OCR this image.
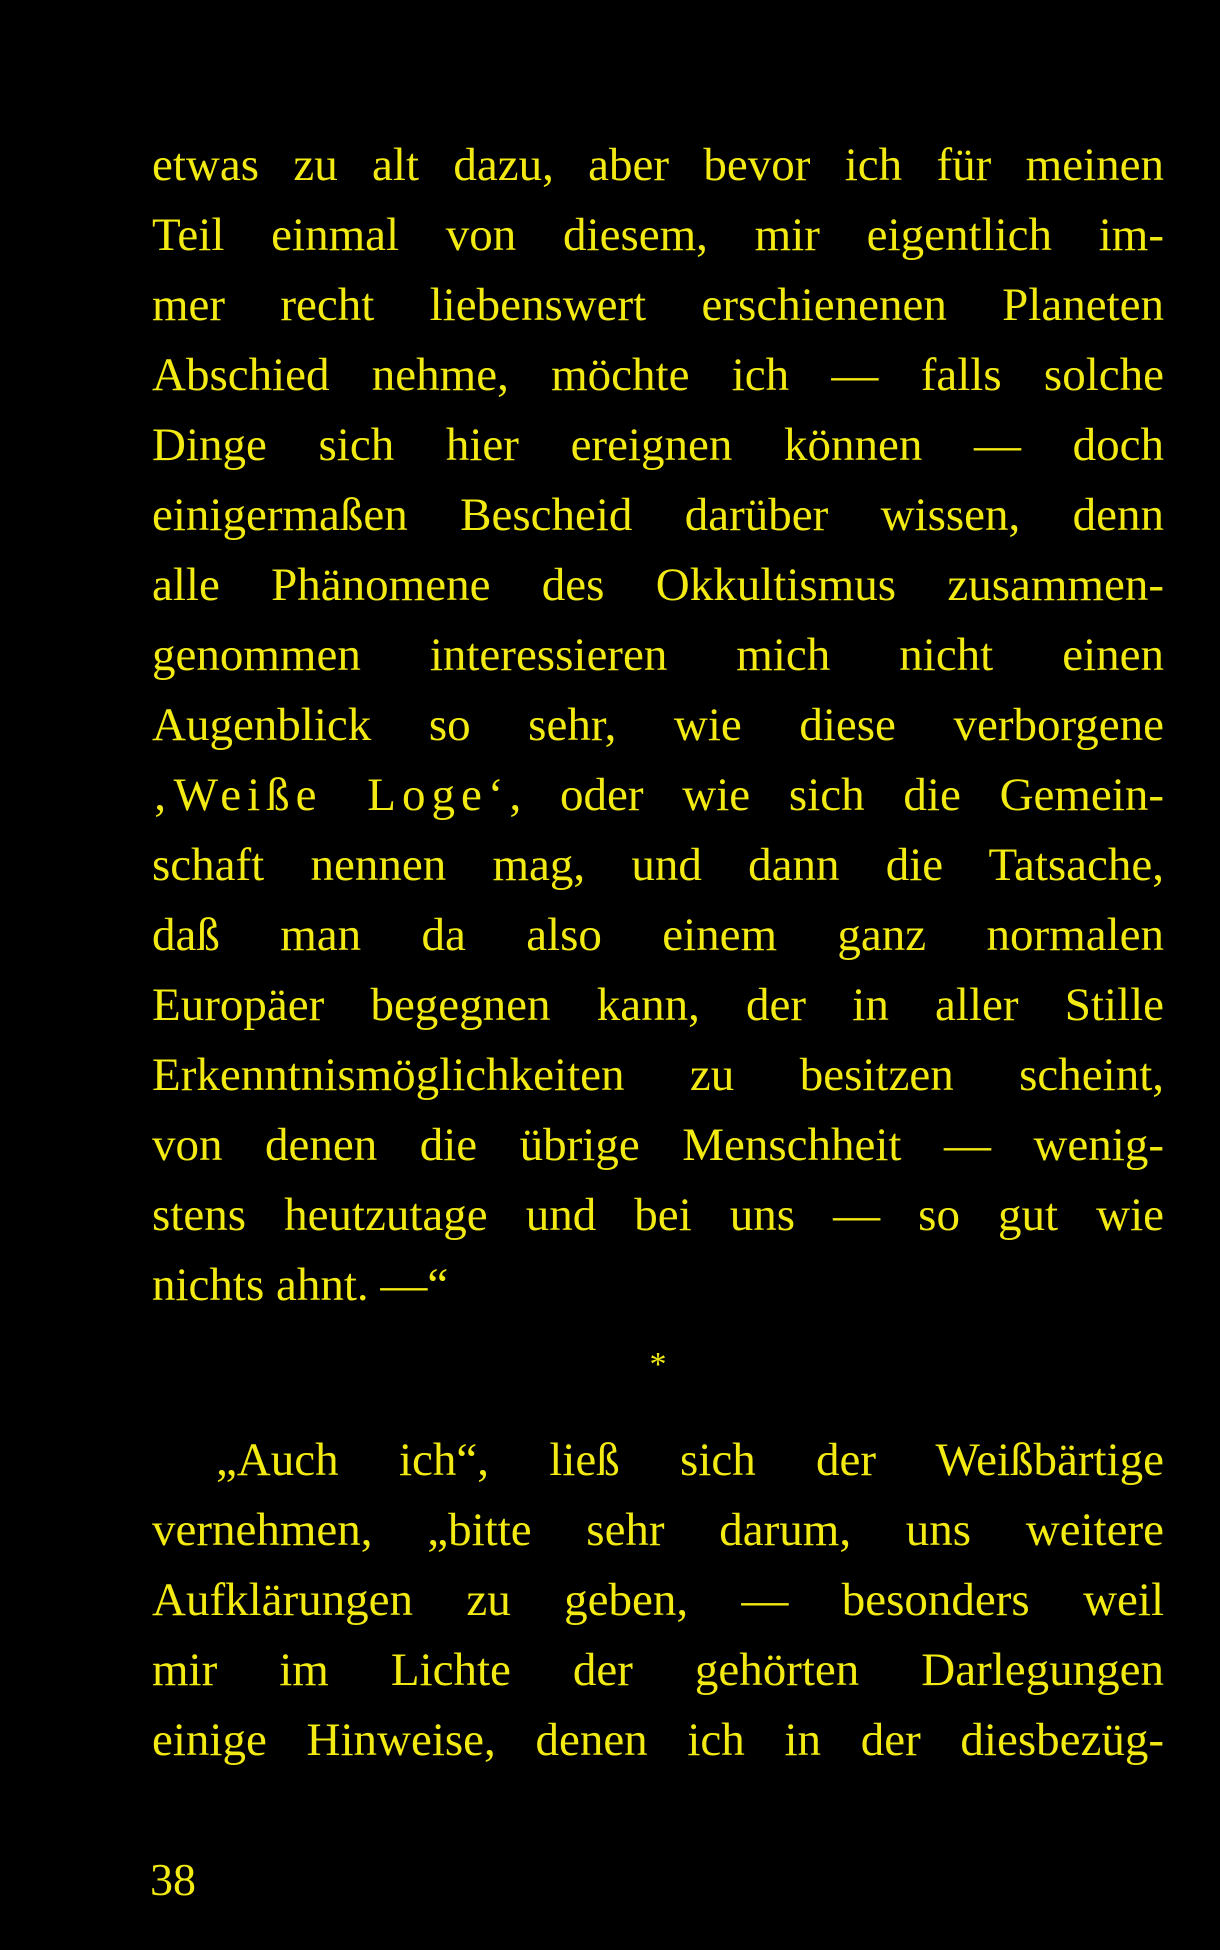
etwas zu alt dazu, aber bevor ich für meinen
Teil einmal von diesem, mir eigentlich im-
mer recht liebenswert erschienenen Planeten
Abschied nehme, möchte ich — falls solche
Dinge sich hier ereignen können — doch
einigermaßen Bescheid darüber wissen, denn
alle Phänomene des Okkultismus zusammen-
genommen interessieren mich nicht einen
Augenblick so sehr, wie diese verborgene
‚Weiße Loge‘, oder wie sich die Gemein-
schaft nennen mag, und dann die Tatsache,
daß man da also einem ganz normalen
Europäer begegnen kann, der in aller Stille
Erkenntnismöglichkeiten zu besitzen scheint,
von denen die übrige Menschheit — wenig-
stens heutzutage und bei uns — so gut wie
nichts ahnt. —“
*
„Auch ich“, ließ sich der Weißbärtige
vernehmen, „bitte sehr darum, uns weitere
Aufklärungen zu geben, — besonders weil
mir im Lichte der gehörten Darlegungen
einige Hinweise, denen ich in der diesbezüg-
38
